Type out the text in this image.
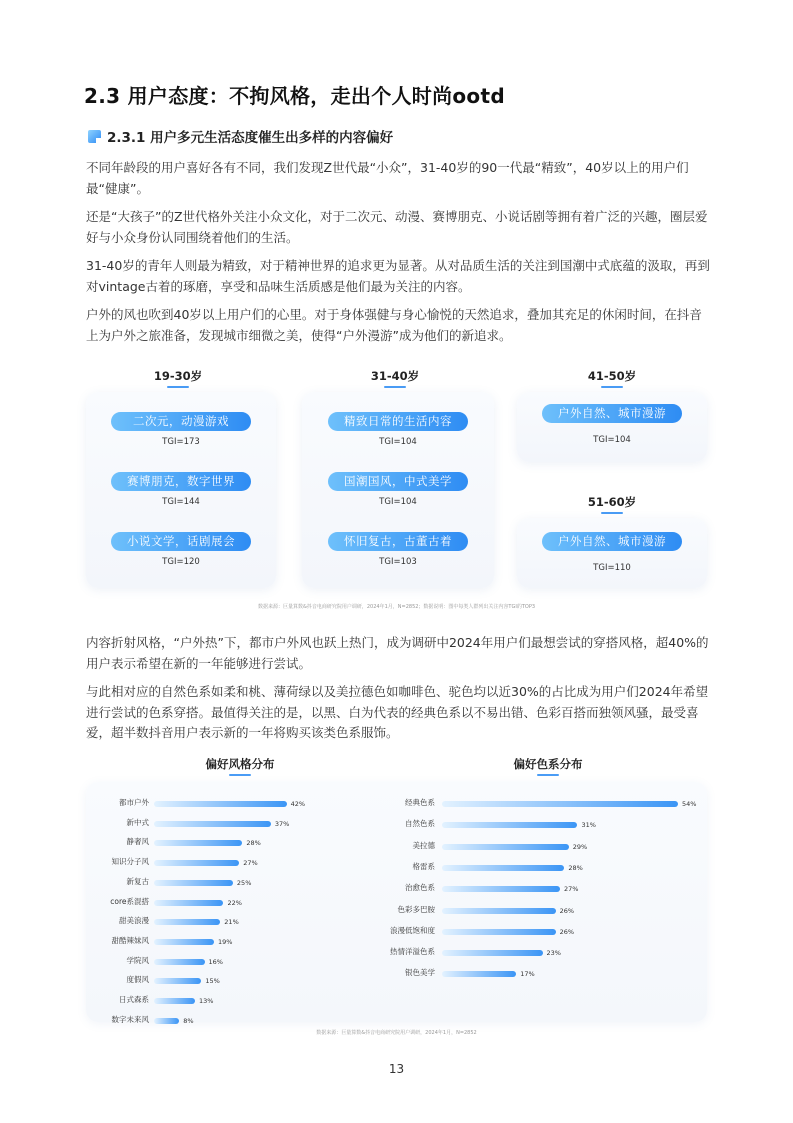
2.3 用户态度：不拘风格，走出个人时尚ootd
2.3.1 用户多元生活态度催生出多样的内容偏好

不同年龄段的用户喜好各有不同，我们发现Z世代最“小众”，31-40岁的90一代最“精致”，40岁以上的用户们最“健康”。

还是“大孩子”的Z世代格外关注小众文化，对于二次元、动漫、赛博朋克、小说话剧等拥有着广泛的兴趣，圈层爱好与小众身份认同围绕着他们的生活。

31-40岁的青年人则最为精致，对于精神世界的追求更为显著。从对品质生活的关注到国潮中式底蕴的汲取，再到对vintage古着的琢磨，享受和品味生活质感是他们最为关注的内容。

户外的风也吹到40岁以上用户们的心里。对于身体强健与身心愉悦的天然追求，叠加其充足的休闲时间，在抖音上为户外之旅准备，发现城市细微之美，使得“户外漫游”成为他们的新追求。

19-30岁	31-40岁	41-50岁
51-60岁
二次元，动漫游戏
TGI=173
赛博朋克，数字世界
TGI=144
小说文学，话剧展会
TGI=120
精致日常的生活内容
TGI=104
国潮国风，中式美学
TGI=104
怀旧复古，古董古着
TGI=103
户外自然、城市漫游
TGI=104
户外自然、城市漫游
TGI=110
数据来源：巨量算数&抖音电商研究院用户调研，2024年1月，N=2852；数据说明：图中每类人群列出关注内容TGI的TOP3

内容折射风格，“户外热”下，都市户外风也跃上热门，成为调研中2024年用户们最想尝试的穿搭风格，超40%的用户表示希望在新的一年能够进行尝试。

与此相对应的自然色系如柔和桃、薄荷绿以及美拉德色如咖啡色、驼色均以近30%的占比成为用户们2024年希望进行尝试的色系穿搭。最值得关注的是，以黑、白为代表的经典色系以不易出错、色彩百搭而独领风骚，最受喜爱，超半数抖音用户表示新的一年将购买该类色系服饰。

偏好风格分布	偏好色系分布
都市户外	42%
新中式	37%
静奢风	28%
知识分子风	27%
新复古	25%
core系混搭	22%
甜美浪漫	21%
甜酷辣妹风	19%
学院风	16%
度假风	15%
日式森系	13%
数字未来风	8%
经典色系	54%
自然色系	31%
美拉德	29%
格雷系	28%
治愈色系	27%
色彩多巴胺	26%
浪漫低饱和度	26%
热情洋溢色系	23%
银色美学	17%
数据来源：巨量算数&抖音电商研究院用户调研，2024年1月，N=2852
13
